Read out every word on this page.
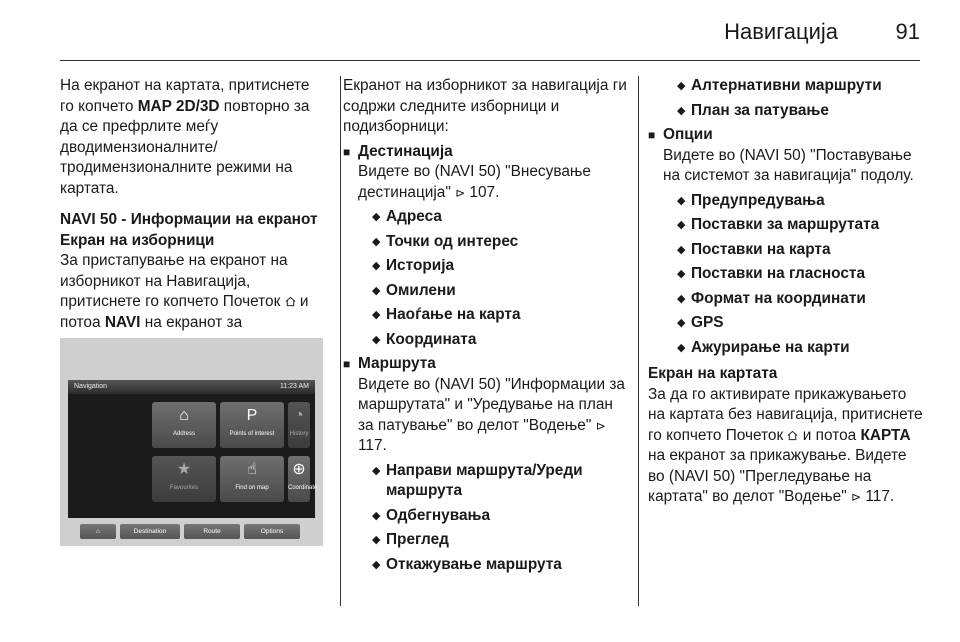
Навигација	91

На екранот на картата, притиснете го копчето MAP 2D/3D повторно за да се префрлите меѓу дводимензионалните/ тродимензионалните режими на картата.

NAVI 50 - Информации на екранот Екран на изборници

За пристапување на екранот на изборникот на Навигација, притиснете го копчето Почеток  и потоа NAVI на екранот за

Navigation	11:23 AM
⌂
Address
P
Points of interest
◔
History
★
Favourites
☝
Find on map
⊕
Coordinate
⌂	Destination	Route	Options

Екранот на изборникот за навигација ги содржи следните изборници и подизборници:

■ Дестинација

Видете во (NAVI 50) "Внесување дестинација" ⊳ 107.

◆ Адреса
◆ Точки од интерес
◆ Историја
◆ Омилени
◆ Наоѓање на карта
◆ Координата
■ Маршрута

Видете во (NAVI 50) "Информации за маршрутата" и "Уредување на план за патување" во делот "Водење" ⊳ 117.

◆ Направи маршрута/Уреди маршрута
◆ Одбегнувања
◆ Преглед
◆ Откажување маршрута
◆ Алтернативни маршрути
◆ План за патување
■ Опции

Видете во (NAVI 50) "Поставување на системот за навигација" подолу.

◆ Предупредувања
◆ Поставки за маршрутата
◆ Поставки на карта
◆ Поставки на гласноста
◆ Формат на координати
◆ GPS
◆ Ажурирање на карти

Екран на картата

За да го активирате прикажувањето на картата без навигација, притиснете го копчето Почеток  и потоа КАРТА на екранот за прикажување. Видете во (NAVI 50) "Прегледување на картата" во делот "Водење" ⊳ 117.
